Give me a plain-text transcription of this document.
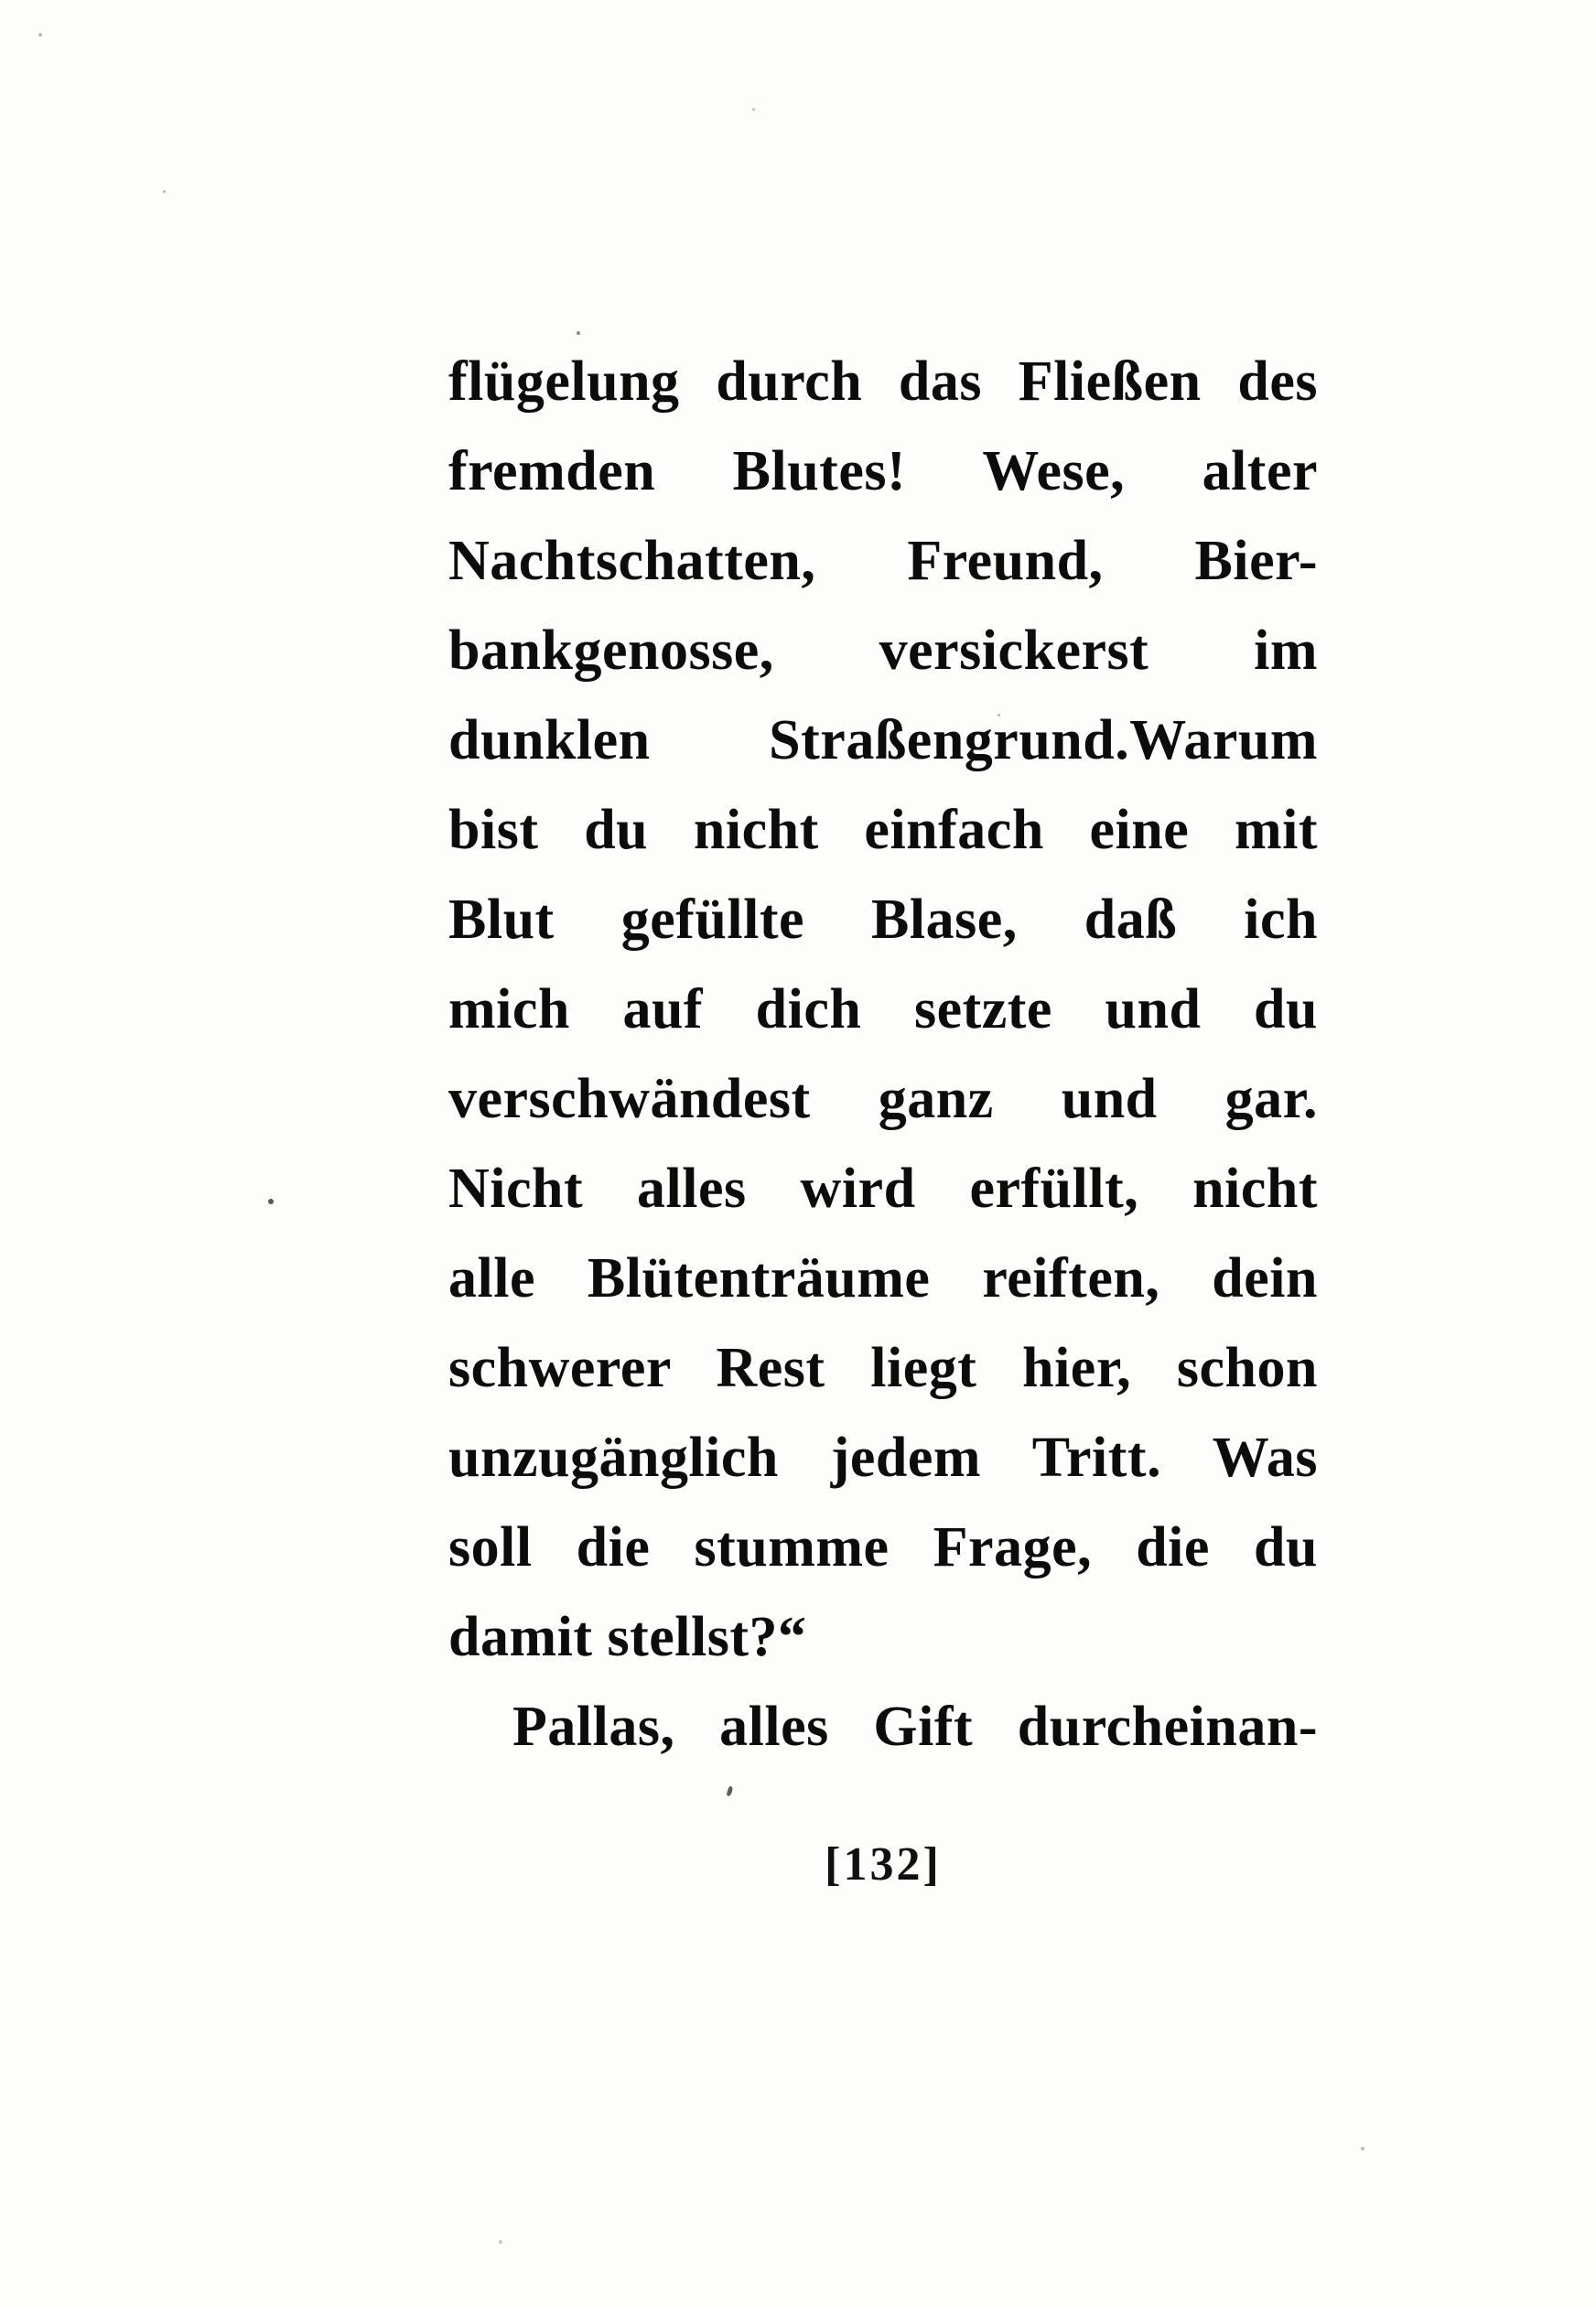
flügelung durch das Fließen des
fremden Blutes! Wese, alter
Nachtschatten, Freund, Bier-
bankgenosse, versickerst im
dunklen Straßengrund.Warum
bist du nicht einfach eine mit
Blut gefüllte Blase, daß ich
mich auf dich setzte und du
verschwändest ganz und gar.
Nicht alles wird erfüllt, nicht
alle Blütenträume reiften, dein
schwerer Rest liegt hier, schon
unzugänglich jedem Tritt. Was
soll die stumme Frage, die du
damit stellst?“
Pallas, alles Gift durcheinan-
[132]
